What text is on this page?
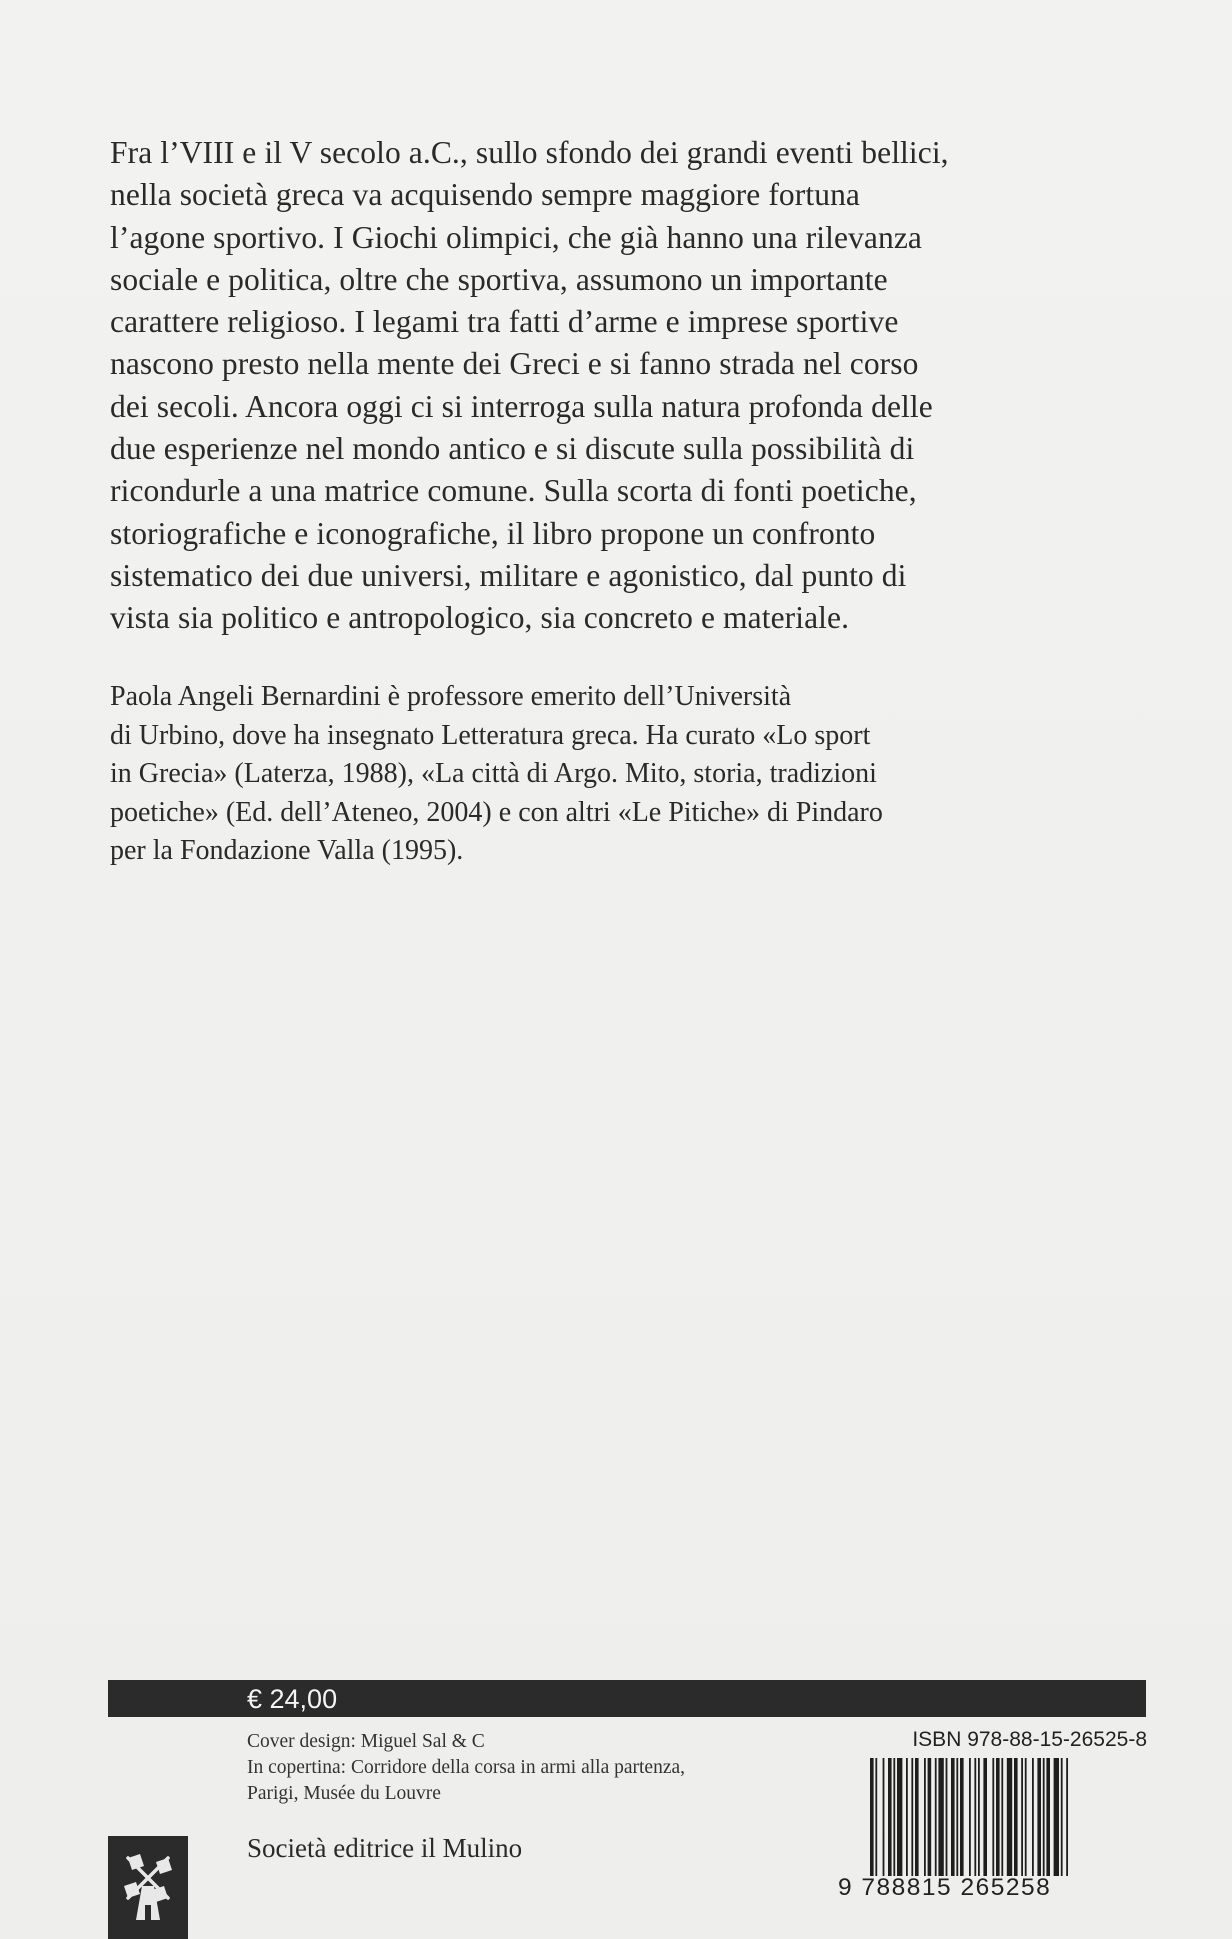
Fra l’VIII e il V secolo a.C., sullo sfondo dei grandi eventi bellici,
nella società greca va acquisendo sempre maggiore fortuna
l’agone sportivo. I Giochi olimpici, che già hanno una rilevanza
sociale e politica, oltre che sportiva, assumono un importante
carattere religioso. I legami tra fatti d’arme e imprese sportive
nascono presto nella mente dei Greci e si fanno strada nel corso
dei secoli. Ancora oggi ci si interroga sulla natura profonda delle
due esperienze nel mondo antico e si discute sulla possibilità di
ricondurle a una matrice comune. Sulla scorta di fonti poetiche,
storiografiche e iconografiche, il libro propone un confronto
sistematico dei due universi, militare e agonistico, dal punto di
vista sia politico e antropologico, sia concreto e materiale.

Paola Angeli Bernardini è professore emerito dell’Università
di Urbino, dove ha insegnato Letteratura greca. Ha curato «Lo sport
in Grecia» (Laterza, 1988), «La città di Argo. Mito, storia, tradizioni
poetiche» (Ed. dell’Ateneo, 2004) e con altri «Le Pitiche» di Pindaro
per la Fondazione Valla (1995).

€ 24,00
Cover design: Miguel Sal & C
In copertina: Corridore della corsa in armi alla partenza,
Parigi, Musée du Louvre
Società editrice il Mulino
ISBN 978-88-15-26525-8
9 788815 265258
